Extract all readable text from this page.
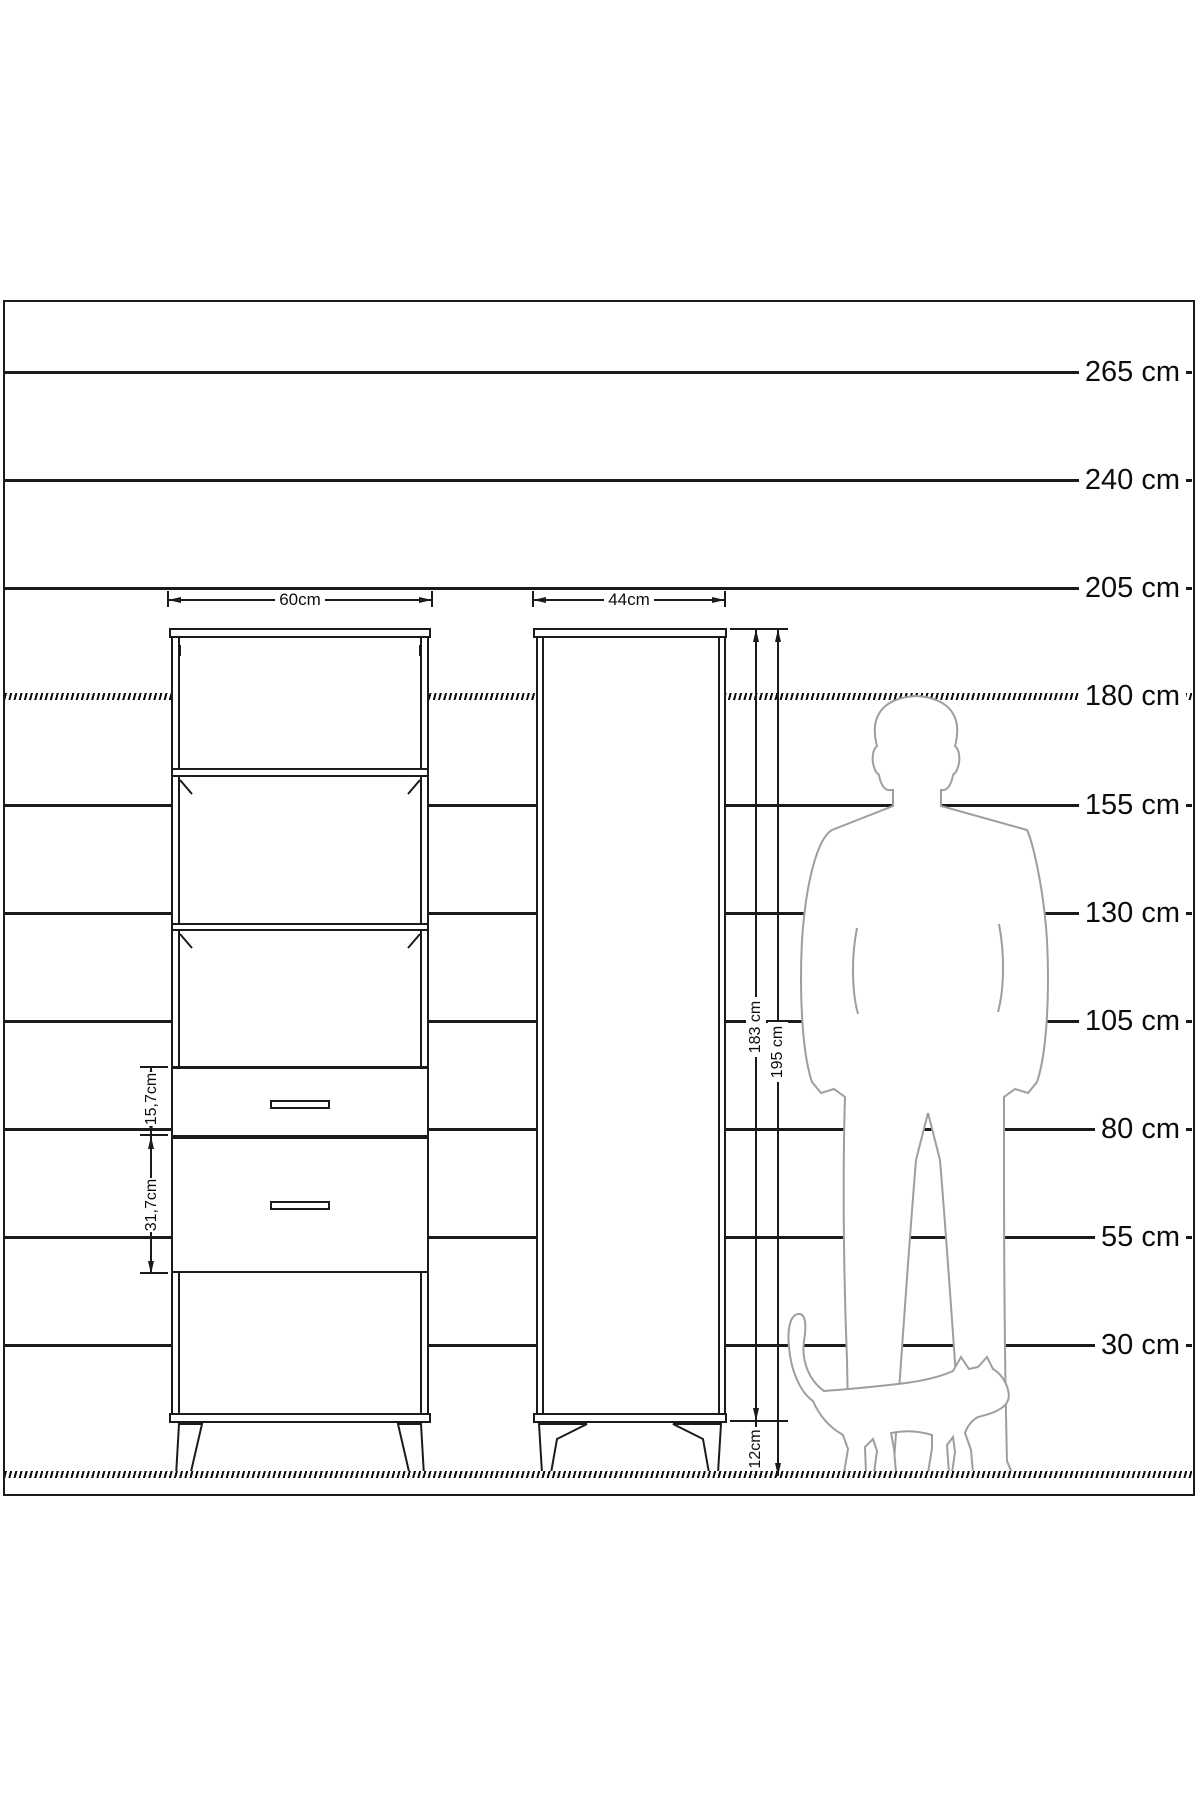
265 cm
240 cm
205 cm
180 cm
155 cm
130 cm
105 cm
80 cm
55 cm
30 cm
60cm	44cm
15,7cm
31,7cm
183 cm 195 cm
12cm
